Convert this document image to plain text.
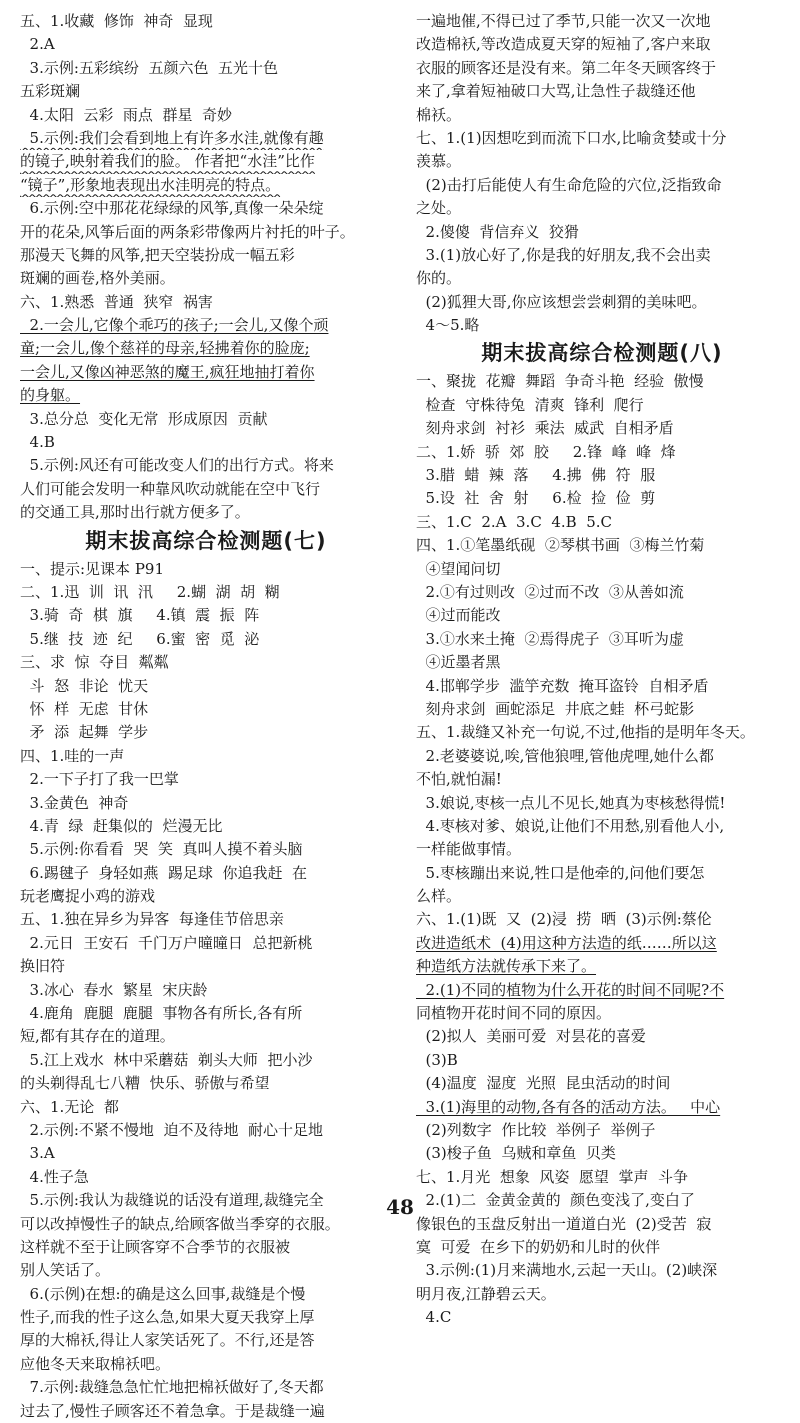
五、1.收藏  修饰  神奇  显现
2.A
3.示例:五彩缤纷  五颜六色  五光十色
五彩斑斓
4.太阳  云彩  雨点  群星  奇妙
5.示例:我们会看到地上有许多水洼,就像有趣
的镜子,映射着我们的脸。 作者把“水洼”比作
“镜子”,形象地表现出水洼明亮的特点。
6.示例:空中那花花绿绿的风筝,真像一朵朵绽
开的花朵,风筝后面的两条彩带像两片衬托的叶子。
那漫天飞舞的风筝,把天空装扮成一幅五彩
斑斓的画卷,格外美丽。
六、1.熟悉  普通  狭窄  祸害
2.一会儿,它像个乖巧的孩子;一会儿,又像个顽
童;一会儿,像个慈祥的母亲,轻拂着你的脸庞;
一会儿,又像凶神恶煞的魔王,疯狂地抽打着你
的身躯。
3.总分总  变化无常  形成原因  贡献
4.B
5.示例:风还有可能改变人们的出行方式。将来
人们可能会发明一种靠风吹动就能在空中飞行
的交通工具,那时出行就方便多了。
期末拔高综合检测题(七)
一、提示:见课本 P91
二、1.迅  训  讯  汛     2.蝴  湖  胡  糊
3.骑  奇  棋  旗     4.镇  震  振  阵
5.继  技  迹  纪     6.蜜  密  觅  泌
三、求  惊  夺目  粼粼
斗  怒  非论  忧天
怀  样  无虑  甘休
矛  添  起舞  学步
四、1.哇的一声
2.一下子打了我一巴掌
3.金黄色  神奇
4.青  绿  赶集似的  烂漫无比
5.示例:你看看  哭  笑  真叫人摸不着头脑
6.踢毽子  身轻如燕  踢足球  你追我赶  在
玩老鹰捉小鸡的游戏
五、1.独在异乡为异客  每逢佳节倍思亲
2.元日  王安石  千门万户曈曈日  总把新桃
换旧符
3.冰心  春水  繁星  宋庆龄
4.鹿角  鹿腿  鹿腿  事物各有所长,各有所
短,都有其存在的道理。
5.江上戏水  林中采蘑菇  剃头大师  把小沙
的头剃得乱七八糟  快乐、骄傲与希望
六、1.无论  都
2.示例:不紧不慢地  迫不及待地  耐心十足地
3.A
4.性子急
5.示例:我认为裁缝说的话没有道理,裁缝完全
可以改掉慢性子的缺点,给顾客做当季穿的衣服。
这样就不至于让顾客穿不合季节的衣服被
别人笑话了。
6.(示例)在想:的确是这么回事,裁缝是个慢
性子,而我的性子这么急,如果大夏天我穿上厚
厚的大棉袄,得让人家笑话死了。不行,还是答
应他冬天来取棉袄吧。
7.示例:裁缝急急忙忙地把棉袄做好了,冬天都
过去了,慢性子顾客还不着急拿。于是裁缝一遍
一遍地催,不得已过了季节,只能一次又一次地
改造棉袄,等改造成夏天穿的短袖了,客户来取
衣服的顾客还是没有来。第二年冬天顾客终于
来了,拿着短袖破口大骂,让急性子裁缝还他
棉袄。
七、1.(1)因想吃到而流下口水,比喻贪婪或十分
羡慕。
(2)击打后能使人有生命危险的穴位,泛指致命
之处。
2.傻傻  背信弃义  狡猾
3.(1)放心好了,你是我的好朋友,我不会出卖
你的。
(2)狐狸大哥,你应该想尝尝刺猬的美味吧。
4～5.略
期末拔高综合检测题(八)
一、聚拢  花瓣  舞蹈  争奇斗艳  经验  傲慢
检查  守株待兔  清爽  锋利  爬行
刻舟求剑  衬衫  乘法  威武  自相矛盾
二、1.娇  骄  郊  胶     2.锋  峰  峰  烽
3.腊  蜡  辣  落     4.拂  佛  符  服
5.设  社  舍  射     6.检  捡  俭  剪
三、1.C  2.A  3.C  4.B  5.C
四、1.①笔墨纸砚  ②琴棋书画  ③梅兰竹菊
④望闻问切
2.①有过则改  ②过而不改  ③从善如流
④过而能改
3.①水来土掩  ②焉得虎子  ③耳听为虚
④近墨者黑
4.邯郸学步  滥竽充数  掩耳盗铃  自相矛盾
刻舟求剑  画蛇添足  井底之蛙  杯弓蛇影
五、1.裁缝又补充一句说,不过,他指的是明年冬天。
2.老婆婆说,唉,管他狼哩,管他虎哩,她什么都
不怕,就怕漏!
3.娘说,枣核一点儿不见长,她真为枣核愁得慌!
4.枣核对爹、娘说,让他们不用愁,别看他人小,
一样能做事情。
5.枣核蹦出来说,牲口是他牵的,问他们要怎
么样。
六、1.(1)既  又  (2)浸  捞  晒  (3)示例:蔡伦
改进造纸术  (4)用这种方法造的纸……所以这
种造纸方法就传承下来了。
2.(1)不同的植物为什么开花的时间不同呢?不
同植物开花时间不同的原因。
(2)拟人  美丽可爱  对昙花的喜爱
(3)B
(4)温度  湿度  光照  昆虫活动的时间
3.(1)海里的动物,各有各的活动方法。   中心
(2)列数字  作比较  举例子  举例子
(3)梭子鱼  乌贼和章鱼  贝类
七、1.月光  想象  风姿  愿望  掌声  斗争
2.(1)二  金黄金黄的  颜色变浅了,变白了
像银色的玉盘反射出一道道白光  (2)受苦  寂
寞  可爱  在乡下的奶奶和儿时的伙伴
3.示例:(1)月来满地水,云起一天山。(2)峡深
明月夜,江静碧云天。
4.C
48
